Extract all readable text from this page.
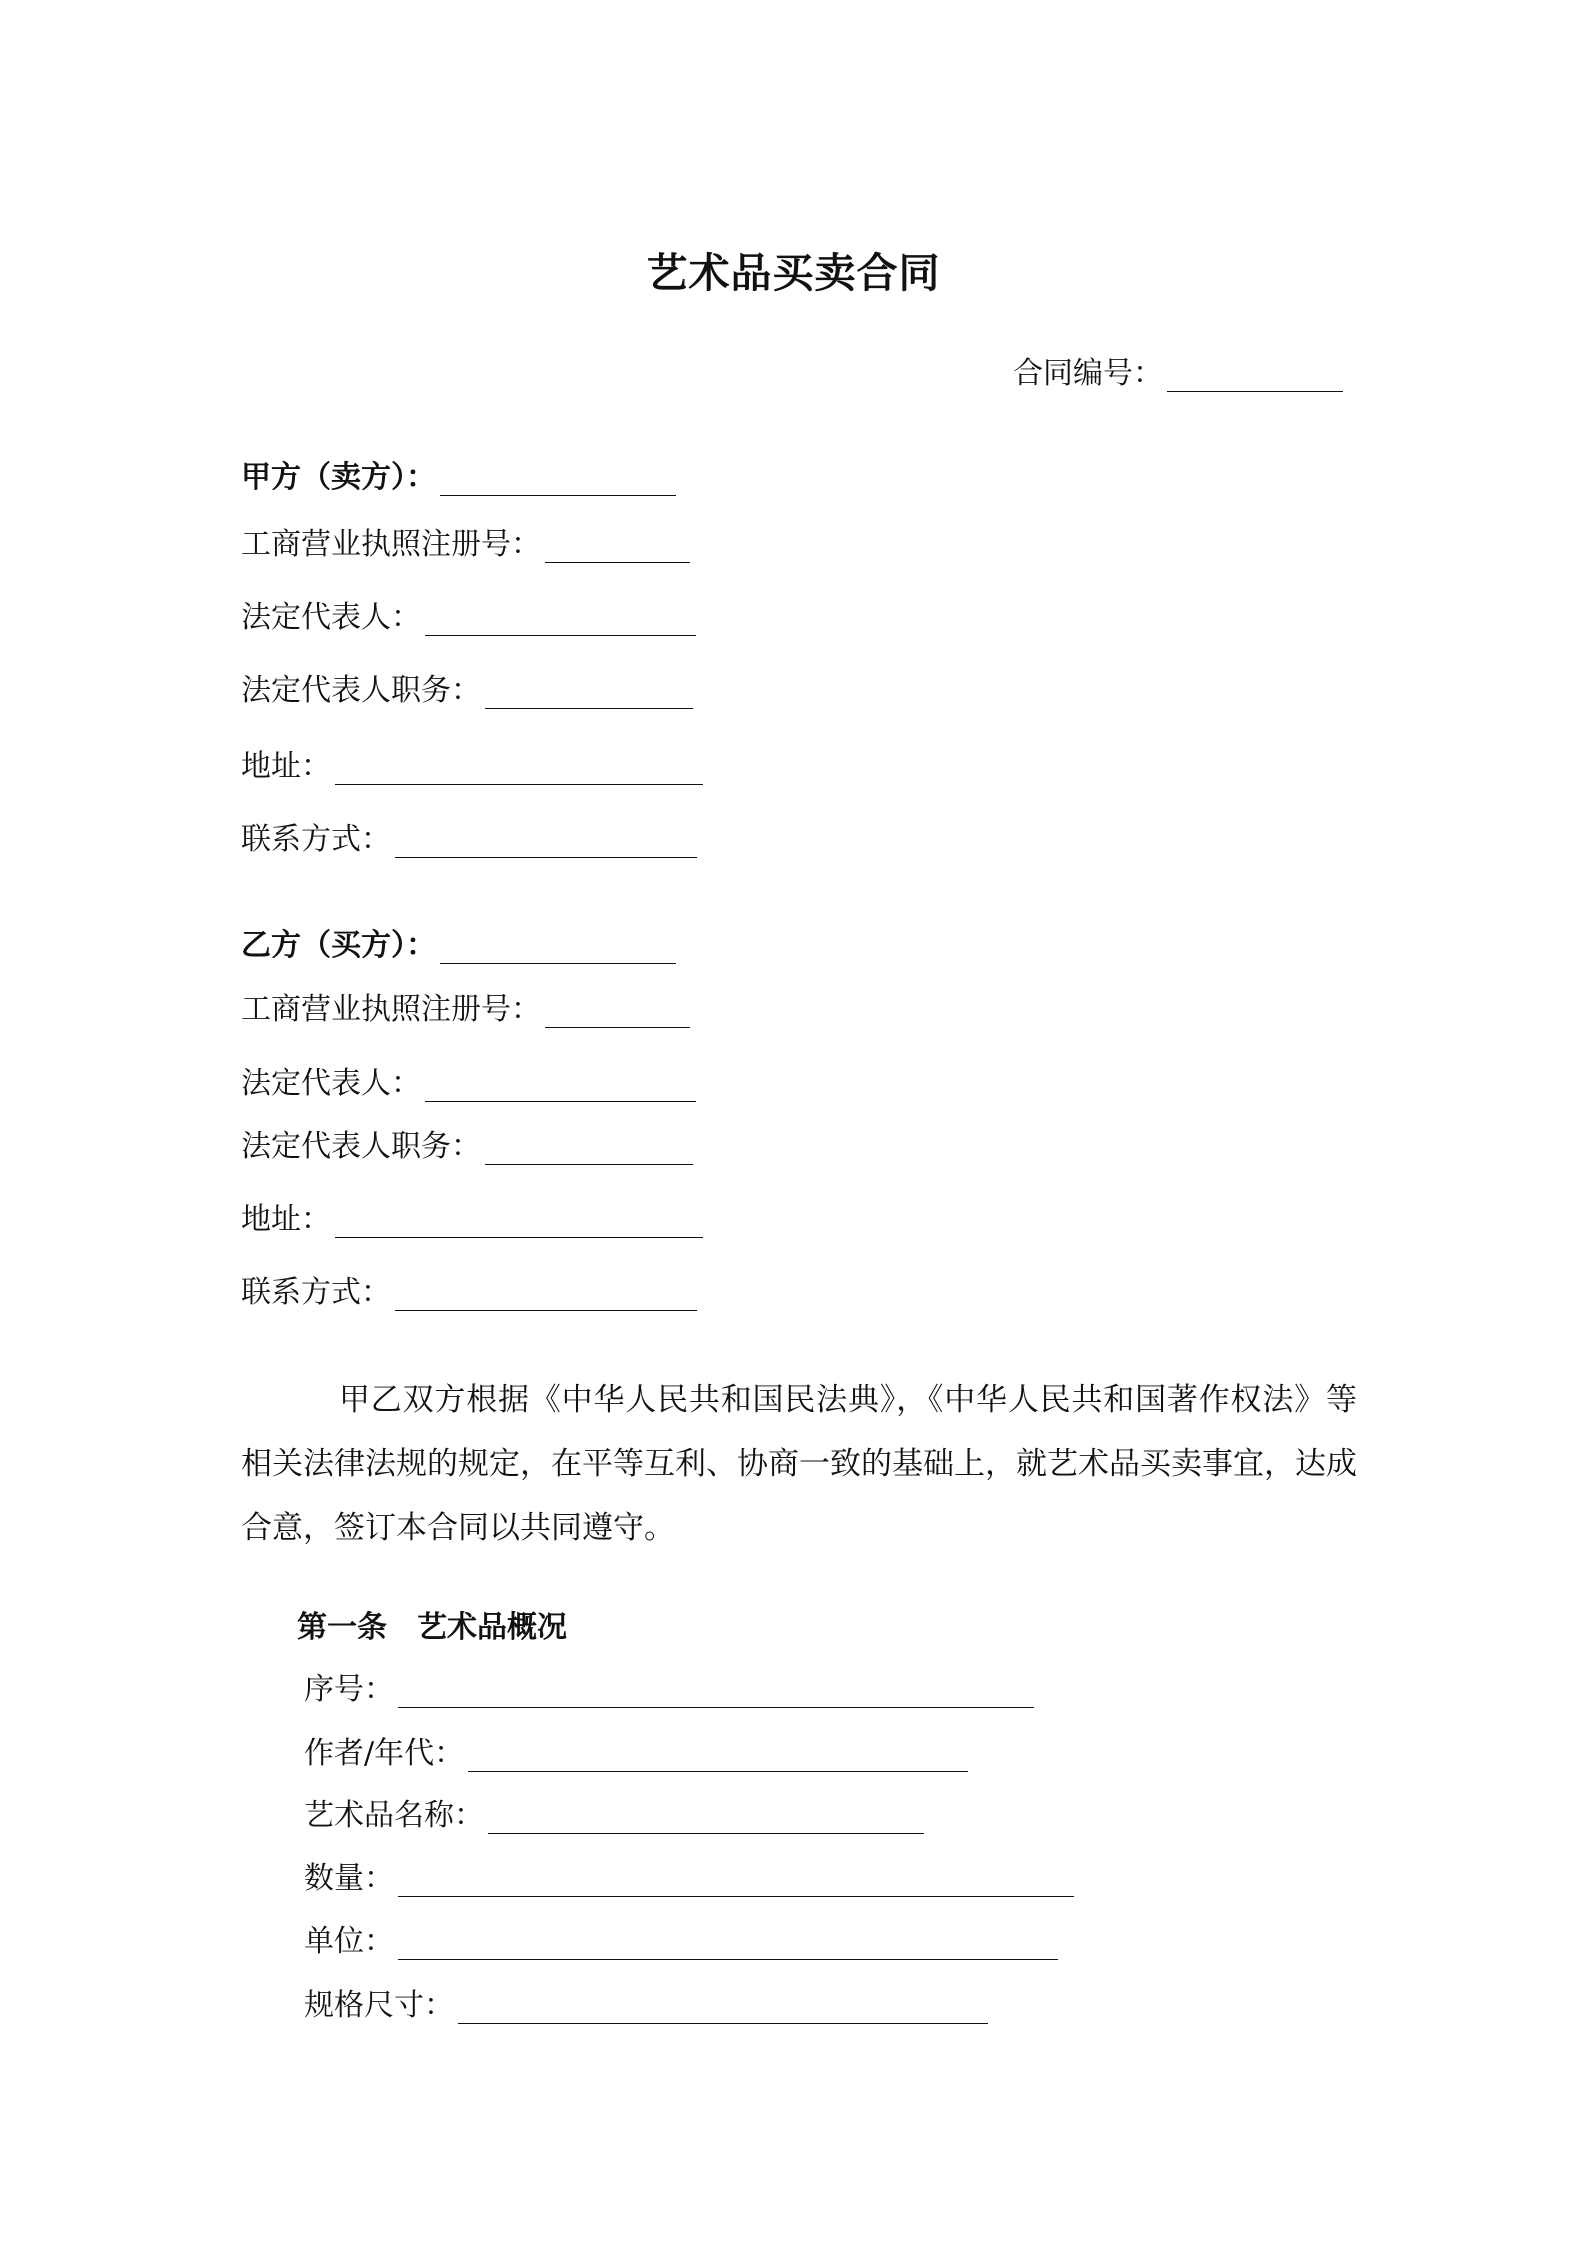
艺术品买卖合同
合同编号：
甲方（卖方）：
工商营业执照注册号：
法定代表人：
法定代表人职务：
地址：
联系方式：
乙方（买方）：
工商营业执照注册号：
法定代表人：
法定代表人职务：
地址：
联系方式：
甲乙双方根据《中华人民共和国民法典》，《中华人民共和国著作权法》等相关法律法规的规定，在平等互利、协商一致的基础上，就艺术品买卖事宜，达成合意，签订本合同以共同遵守。
第一条　艺术品概况
序号：
作者/年代：
艺术品名称：
数量：
单位：
规格尺寸：
